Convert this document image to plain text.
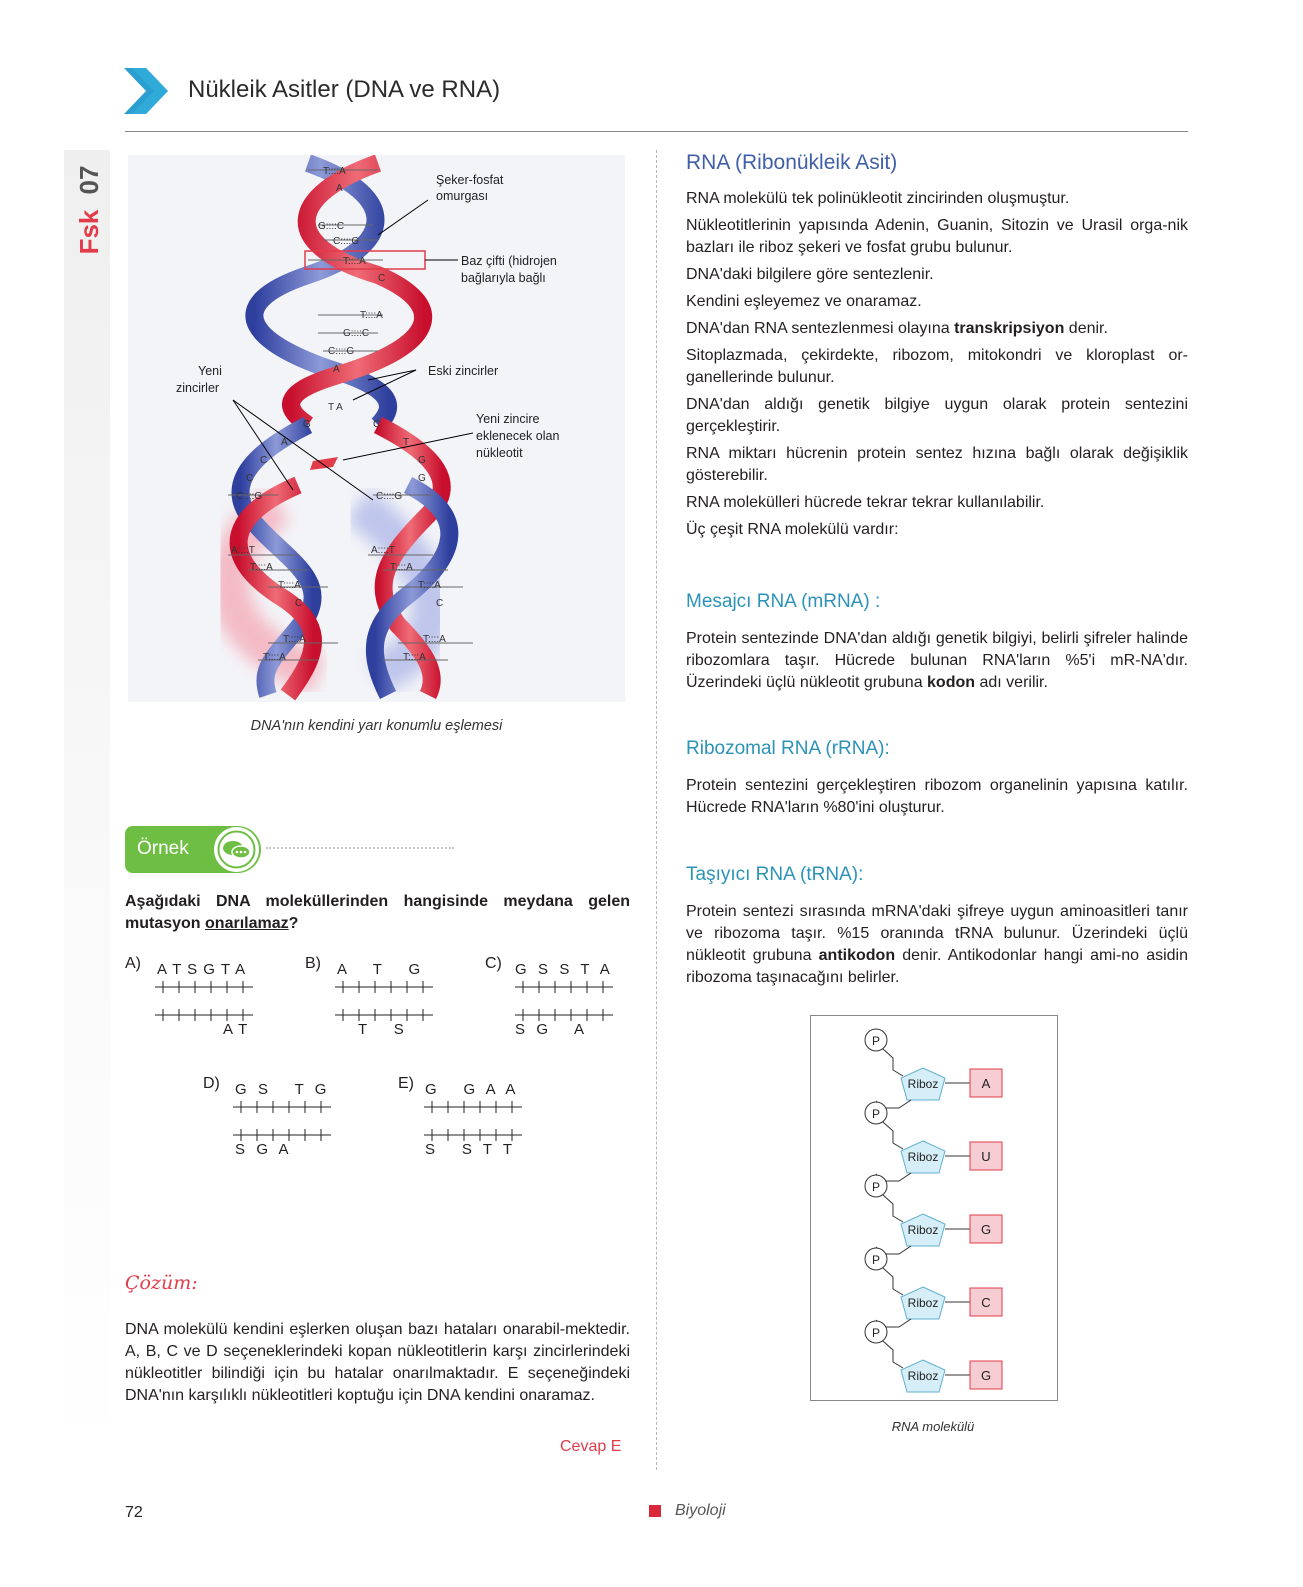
Nükleik Asitler (DNA ve RNA)
07
Fsk
T::::A
A
G::::C
C::::G
T::::A
C
T::::A
G::::C
C::::G
A
T A
G	C
A	T
C	G
C	G
C::::G	C::::G
A::::T	A::::T
T::::A	T::::A
T::::A	T::::A
C	C
T::::A	T::::A
T::::A	T::::A
Şeker-fosfat
omurgası
Baz çifti (hidrojen
bağlarıyla bağlı
Yeni
zincirler
Eski zincirler
Yeni zincire
eklenecek olan
nükleotit
DNA'nın kendini yarı konumlu eşlemesi
Örnek
Aşağıdaki DNA moleküllerinden hangisinde meydana gelen mutasyon onarılamaz?
A) A T S G T A
A T
B) A     T     G
T     S
C) G  S  S  T  A
S  G     A
D) G  S     T  G
S  G  A
E) G     G  A  A
S     S  T  T
Çözüm:
DNA molekülü kendini eşlerken oluşan bazı hataları onarabil-mektedir. A, B, C ve D seçeneklerindeki kopan nükleotitlerin karşı zincirlerindeki nükleotitler bilindiği için bu hatalar onarılmaktadır. E seçeneğindeki DNA'nın karşılıklı nükleotitleri koptuğu için DNA kendini onaramaz.
Cevap E
RNA (Ribonükleik Asit)
RNA molekülü tek polinükleotit zincirinden oluşmuştur.
Nükleotitlerinin yapısında Adenin, Guanin, Sitozin ve Urasil orga-nik bazları ile riboz şekeri ve fosfat grubu bulunur.
DNA'daki bilgilere göre sentezlenir.
Kendini eşleyemez ve onaramaz.
DNA'dan RNA sentezlenmesi olayına transkripsiyon denir.
Sitoplazmada, çekirdekte, ribozom, mitokondri ve kloroplast or-ganellerinde bulunur.
DNA'dan aldığı genetik bilgiye uygun olarak protein sentezini gerçekleştirir.
RNA miktarı hücrenin protein sentez hızına bağlı olarak değişiklik gösterebilir.
RNA molekülleri hücrede tekrar tekrar kullanılabilir.
Üç çeşit RNA molekülü vardır:
Mesajcı RNA (mRNA) :
Protein sentezinde DNA'dan aldığı genetik bilgiyi, belirli şifreler halinde ribozomlara taşır. Hücrede bulunan RNA'ların %5'i mR-NA'dır. Üzerindeki üçlü nükleotit grubuna kodon adı verilir.
Ribozomal RNA (rRNA):
Protein sentezini gerçekleştiren ribozom organelinin yapısına katılır. Hücrede RNA'ların %80'ini oluşturur.
Taşıyıcı RNA (tRNA):
Protein sentezi sırasında mRNA'daki şifreye uygun aminoasitleri tanır ve ribozoma taşır. %15 oranında tRNA bulunur. Üzerindeki üçlü nükleotit grubuna antikodon denir. Antikodonlar hangi ami-no asidin ribozoma taşınacağını belirler.
P
Riboz	A
P
Riboz	U
P
Riboz	G
P
Riboz	C
P
Riboz	G
RNA molekülü
72	Biyoloji
